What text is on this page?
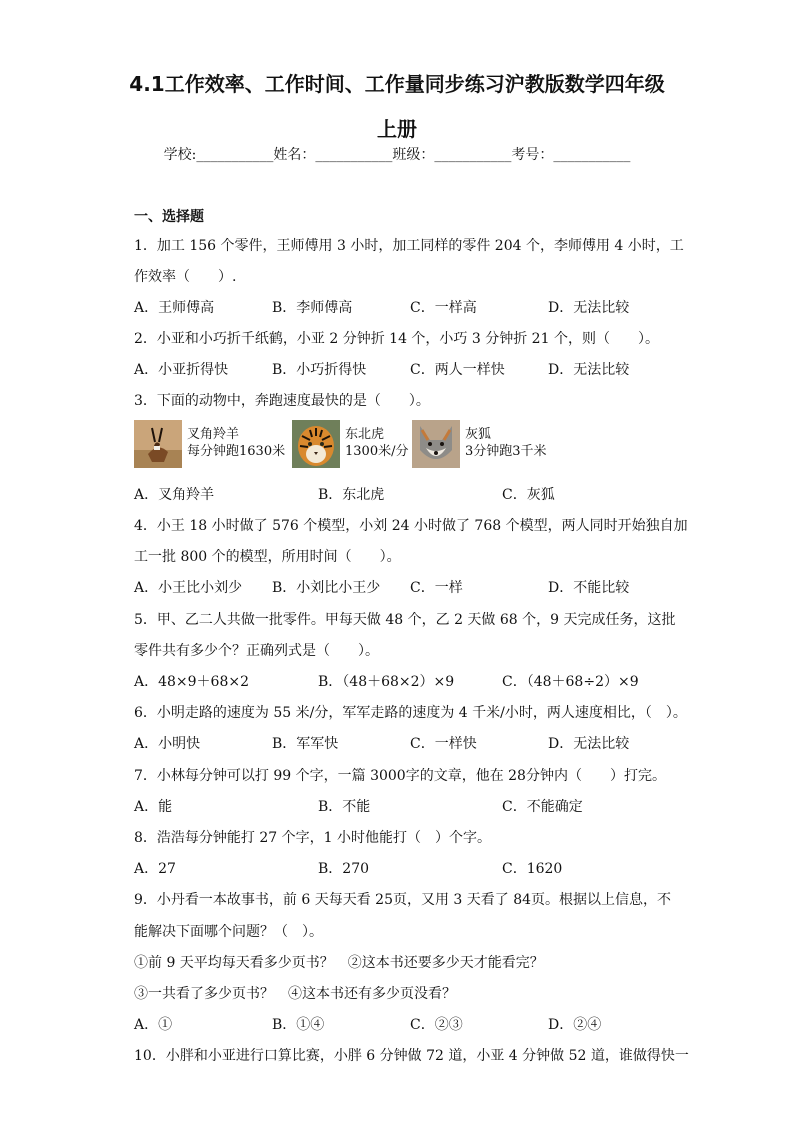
4.1工作效率、工作时间、工作量同步练习沪教版数学四年级
上册
学校:___________姓名：___________班级：___________考号：___________
一、选择题
1．加工 156 个零件，王师傅用 3 小时，加工同样的零件 204 个，李师傅用 4 小时，工
作效率（　　）.
A．王师傅高	B．李师傅高	C．一样高	D．无法比较
2．小亚和小巧折千纸鹤，小亚 2 分钟折 14 个，小巧 3 分钟折 21 个，则（　　）。
A．小亚折得快	B．小巧折得快	C．两人一样快	D．无法比较
3．下面的动物中，奔跑速度最快的是（　　）。
叉角羚羊
每分钟跑1630米
东北虎
1300米/分
灰狐
3分钟跑3千米
A．叉角羚羊	B．东北虎	C．灰狐
4．小王 18 小时做了 576 个模型，小刘 24 小时做了 768 个模型，两人同时开始独自加
工一批 800 个的模型，所用时间（　　）。
A．小王比小刘少 B．小刘比小王少 C．一样	D．不能比较
5．甲、乙二人共做一批零件。甲每天做 48 个，乙 2 天做 68 个，9 天完成任务，这批
零件共有多少个？正确列式是（　　）。
A．48×9＋68×2	B．（48＋68×2）×9	C．（48＋68÷2）×9
6．小明走路的速度为 55 米/分，军军走路的速度为 4 千米/小时，两人速度相比，（　）。
A．小明快	B．军军快	C．一样快	D．无法比较
7．小林每分钟可以打 99 个字，一篇 3000字的文章，他在 28分钟内（　　）打完。
A．能	B．不能	C．不能确定
8．浩浩每分钟能打 27 个字，1 小时他能打（　）个字。
A．27	B．270	C．1620
9．小丹看一本故事书，前 6 天每天看 25页，又用 3 天看了 84页。根据以上信息，不
能解决下面哪个问题？（　）。
①前 9 天平均每天看多少页书？　②这本书还要多少天才能看完？
③一共看了多少页书？　④这本书还有多少页没看？
A．①	B．①④	C．②③	D．②④
10．小胖和小亚进行口算比赛，小胖 6 分钟做 72 道，小亚 4 分钟做 52 道，谁做得快一
